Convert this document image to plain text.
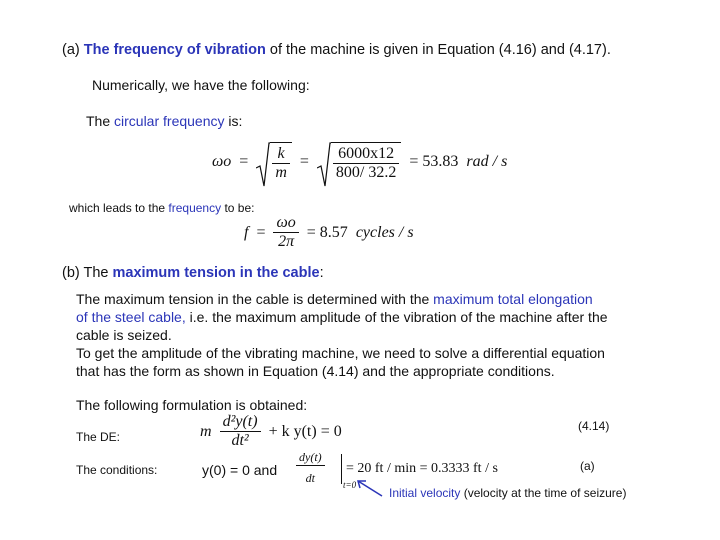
(a) The frequency of vibration of the machine is given in Equation (4.16) and (4.17).
Numerically, we have the following:
The circular frequency is:
$\omega o = \frac{k}{m} = \frac{6000x12}{800/ 32.2} = 53.83$ rad / s
which leads to the frequency to be:
$f = \frac{\omega o}{2\pi} = 8.57$ cycles / s
(b) The maximum tension in the cable:
The maximum tension in the cable is determined with the maximum total elongation
of the steel cable, i.e. the maximum amplitude of the vibration of the machine after the
cable is seized.
To get the amplitude of the vibrating machine, we need to solve a differential equation
that has the form as shown in Equation (4.14) and the appropriate conditions.
The following formulation is obtained:
The DE:	m $\frac{\text{d²y(t)}}{\text{dt²}} + k$ y(t) = 0	(4.14)
The conditions:	y(0) = 0 and $\frac{dy(t)}{dt} t=0$
= 20 ft / min = 0.3333 ft / s	(a)
Initial velocity (velocity at the time of seizure)
